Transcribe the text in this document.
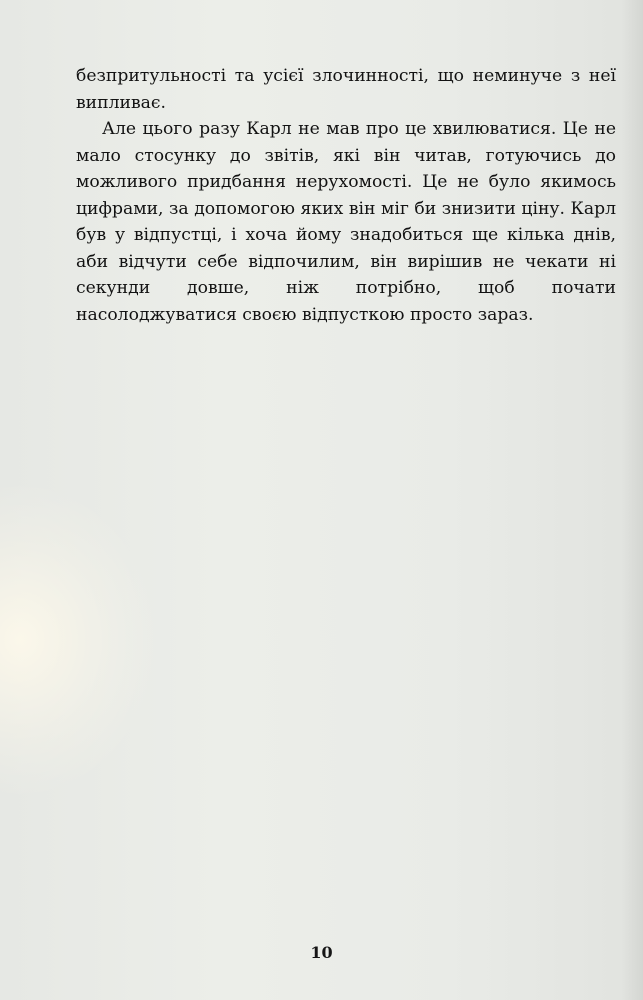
безпритульності та усієї злочинності, що неминуче з неї випливає.

Але цього разу Карл не мав про це хвилюватися. Це не мало стосунку до звітів, які він читав, готуючись до можливого придбання нерухомості. Це не було якимось цифрами, за допомогою яких він міг би знизити ціну. Карл був у відпустці, і хоча йому знадобиться ще кілька днів, аби відчути себе відпочилим, він вирішив не чекати ні секунди довше, ніж потрібно, щоб почати насолоджуватися своєю відпусткою просто зараз.

10
